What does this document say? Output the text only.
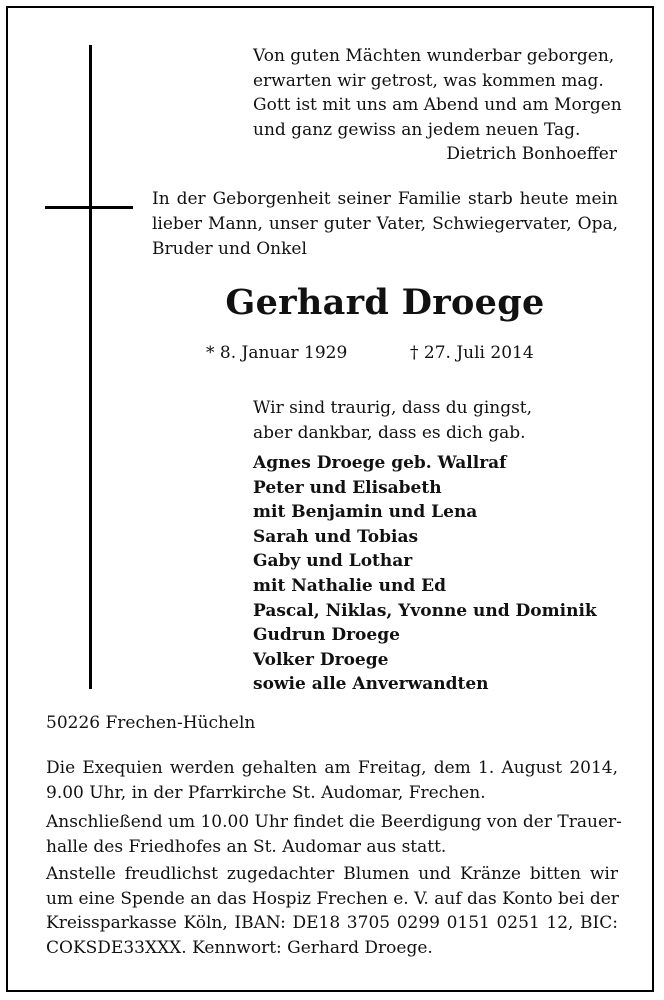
Von guten Mächten wunderbar geborgen,
erwarten wir getrost, was kommen mag.
Gott ist mit uns am Abend und am Morgen
und ganz gewiss an jedem neuen Tag.
Dietrich Bonhoeffer
In der Geborgenheit seiner Familie starb heute mein
lieber Mann, unser guter Vater, Schwiegervater, Opa,
Bruder und Onkel
Gerhard Droege
* 8. Januar 1929	† 27. Juli 2014
Wir sind traurig, dass du gingst,
aber dankbar, dass es dich gab.
Agnes Droege geb. Wallraf
Peter und Elisabeth
mit Benjamin und Lena
Sarah und Tobias
Gaby und Lothar
mit Nathalie und Ed
Pascal, Niklas, Yvonne und Dominik
Gudrun Droege
Volker Droege
sowie alle Anverwandten
50226 Frechen-Hücheln
Die Exequien werden gehalten am Freitag, dem 1. August 2014,
9.00 Uhr, in der Pfarrkirche St. Audomar, Frechen.
Anschließend um 10.00 Uhr findet die Beerdigung von der Trauer-
halle des Friedhofes an St. Audomar aus statt.
Anstelle freudlichst zugedachter Blumen und Kränze bitten wir
um eine Spende an das Hospiz Frechen e. V. auf das Konto bei der
Kreissparkasse Köln, IBAN: DE18 3705 0299 0151 0251 12, BIC:
COKSDE33XXX. Kennwort: Gerhard Droege.
